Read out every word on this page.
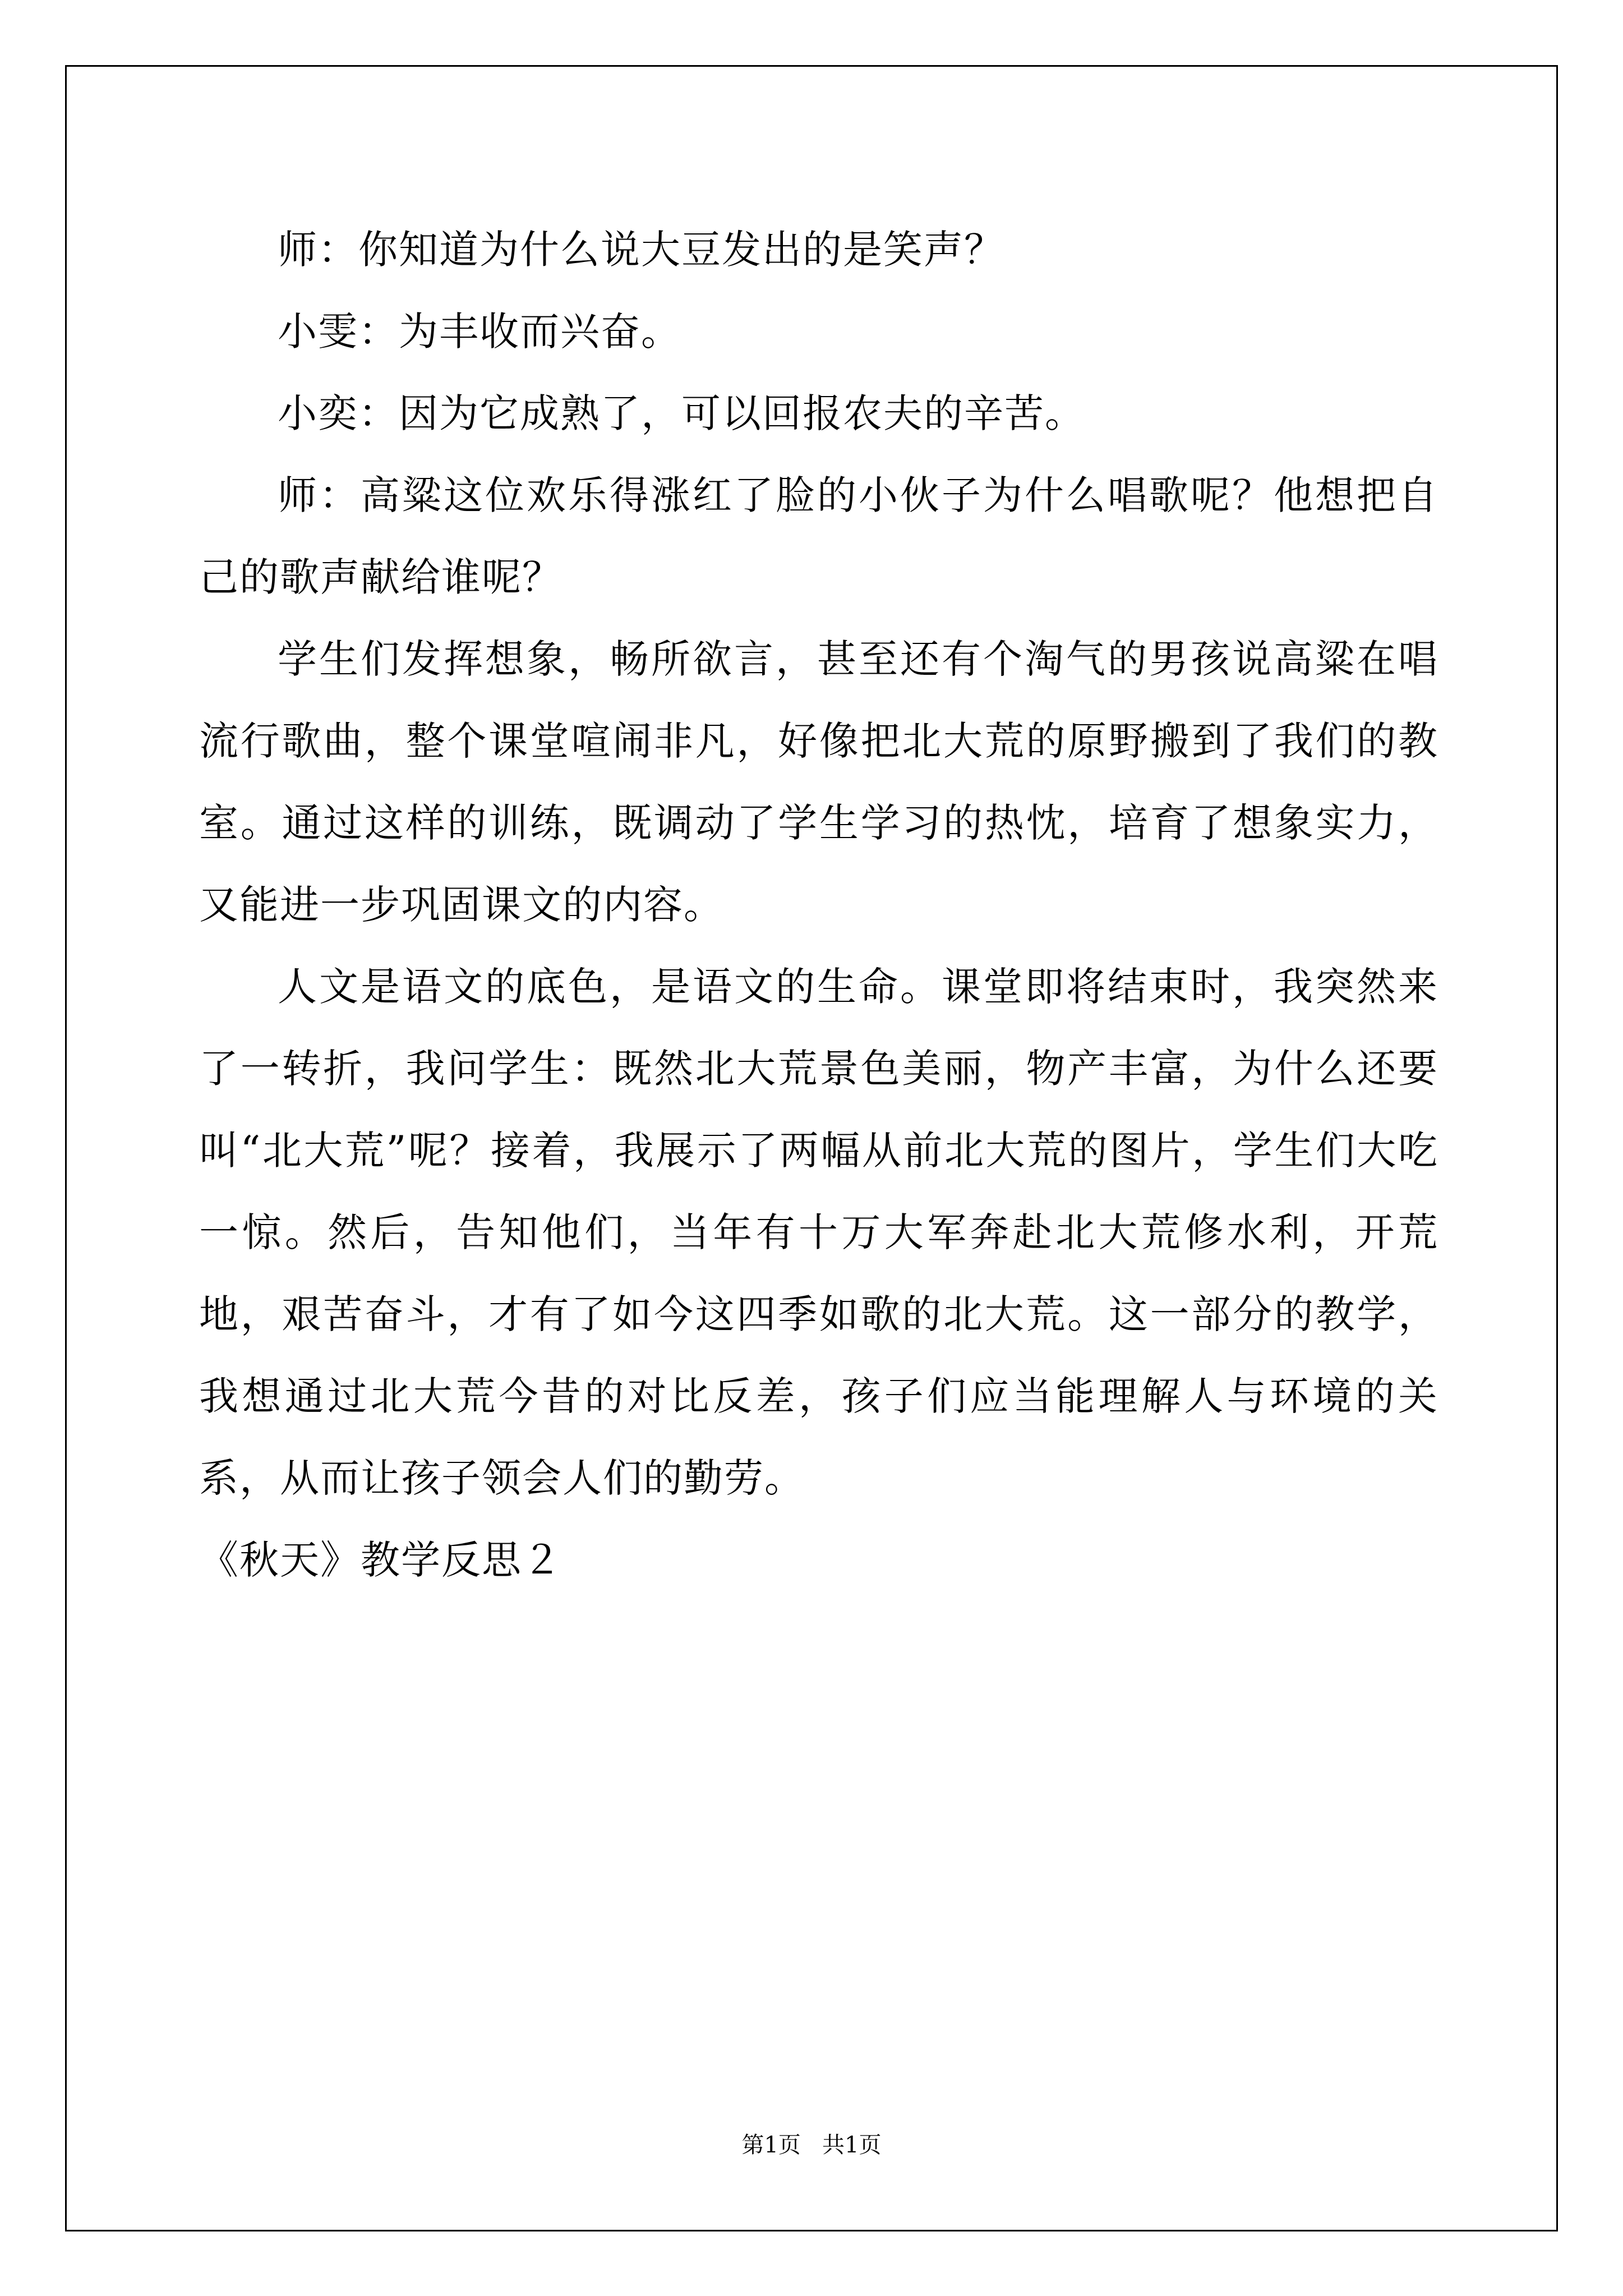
师：你知道为什么说大豆发出的是笑声？

小雯：为丰收而兴奋。

小奕：因为它成熟了，可以回报农夫的辛苦。

师：高粱这位欢乐得涨红了脸的小伙子为什么唱歌呢？他想把自己的歌声献给谁呢？

学生们发挥想象，畅所欲言，甚至还有个淘气的男孩说高粱在唱流行歌曲，整个课堂喧闹非凡，好像把北大荒的原野搬到了我们的教室。通过这样的训练，既调动了学生学习的热忱，培育了想象实力，又能进一步巩固课文的内容。

人文是语文的底色，是语文的生命。课堂即将结束时，我突然来了一转折，我问学生：既然北大荒景色美丽，物产丰富，为什么还要叫“北大荒”呢？接着，我展示了两幅从前北大荒的图片，学生们大吃一惊。然后，告知他们，当年有十万大军奔赴北大荒修水利，开荒地，艰苦奋斗，才有了如今这四季如歌的北大荒。这一部分的教学，我想通过北大荒今昔的对比反差，孩子们应当能理解人与环境的关系，从而让孩子领会人们的勤劳。

《秋天》教学反思２

第1页   共1页
